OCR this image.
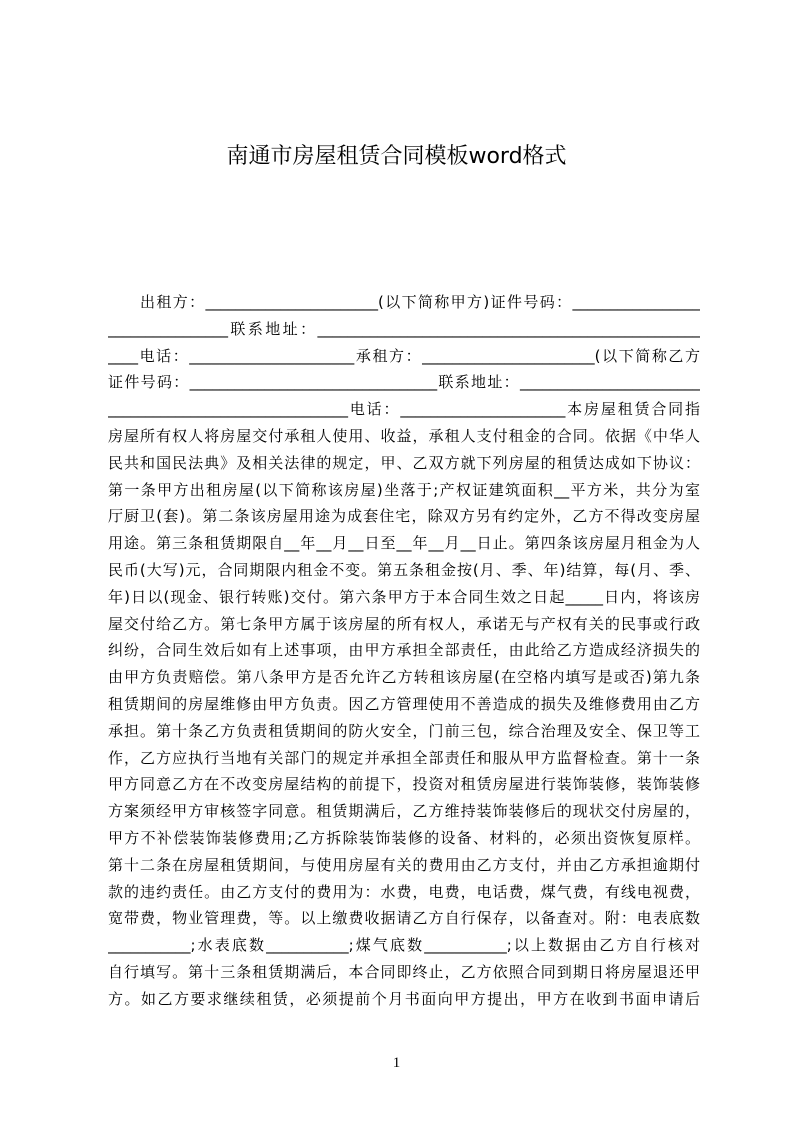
南通市房屋租赁合同模板word格式
出租方：_______________________(以下简称甲方)证件号码：_________________
________________联系地址：___________________________________________________
____电话：______________________承租方：_______________________(以下简称乙方
证件号码：_________________________________联系地址：________________________
________________________________电话：______________________本房屋租赁合同指
房屋所有权人将房屋交付承租人使用、收益，承租人支付租金的合同。依据《中华人
民共和国民法典》及相关法律的规定，甲、乙双方就下列房屋的租赁达成如下协议：
第一条甲方出租房屋(以下简称该房屋)坐落于;产权证建筑面积__平方米，共分为室
厅厨卫(套)。第二条该房屋用途为成套住宅，除双方另有约定外，乙方不得改变房屋
用途。第三条租赁期限自__年__月__日至__年__月__日止。第四条该房屋月租金为人
民币(大写)元，合同期限内租金不变。第五条租金按(月、季、年)结算，每(月、季、
年)日以(现金、银行转账)交付。第六条甲方于本合同生效之日起_____日内，将该房
屋交付给乙方。第七条甲方属于该房屋的所有权人，承诺无与产权有关的民事或行政
纠纷，合同生效后如有上述事项，由甲方承担全部责任，由此给乙方造成经济损失的
由甲方负责赔偿。第八条甲方是否允许乙方转租该房屋(在空格内填写是或否)第九条
租赁期间的房屋维修由甲方负责。因乙方管理使用不善造成的损失及维修费用由乙方
承担。第十条乙方负责租赁期间的防火安全，门前三包，综合治理及安全、保卫等工
作，乙方应执行当地有关部门的规定并承担全部责任和服从甲方监督检查。第十一条
甲方同意乙方在不改变房屋结构的前提下，投资对租赁房屋进行装饰装修，装饰装修
方案须经甲方审核签字同意。租赁期满后，乙方维持装饰装修后的现状交付房屋的，
甲方不补偿装饰装修费用;乙方拆除装饰装修的设备、材料的，必须出资恢复原样。
第十二条在房屋租赁期间，与使用房屋有关的费用由乙方支付，并由乙方承担逾期付
款的违约责任。由乙方支付的费用为：水费，电费，电话费，煤气费，有线电视费，
宽带费，物业管理费，等。以上缴费收据请乙方自行保存，以备查对。附：电表底数
___________;水表底数___________;煤气底数___________;以上数据由乙方自行核对
自行填写。第十三条租赁期满后，本合同即终止，乙方依照合同到期日将房屋退还甲
方。如乙方要求继续租赁，必须提前个月书面向甲方提出，甲方在收到书面申请后
1
